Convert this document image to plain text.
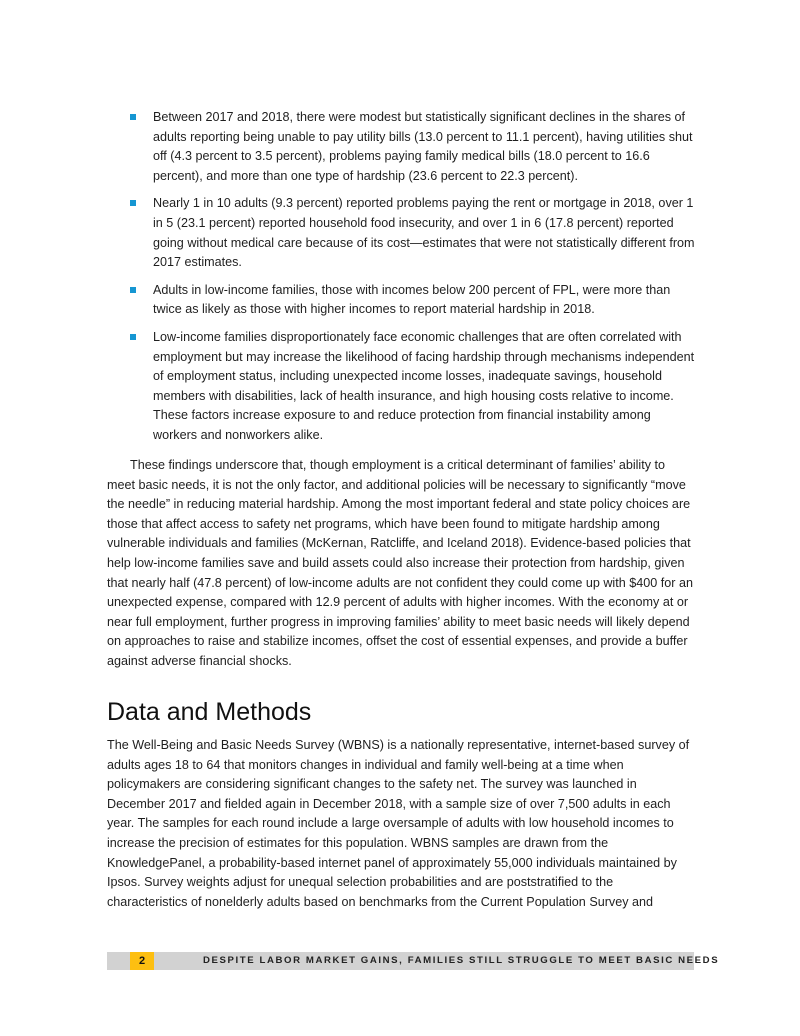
Between 2017 and 2018, there were modest but statistically significant declines in the shares of adults reporting being unable to pay utility bills (13.0 percent to 11.1 percent), having utilities shut off (4.3 percent to 3.5 percent), problems paying family medical bills (18.0 percent to 16.6 percent), and more than one type of hardship (23.6 percent to 22.3 percent).
Nearly 1 in 10 adults (9.3 percent) reported problems paying the rent or mortgage in 2018, over 1 in 5 (23.1 percent) reported household food insecurity, and over 1 in 6 (17.8 percent) reported going without medical care because of its cost—estimates that were not statistically different from 2017 estimates.
Adults in low-income families, those with incomes below 200 percent of FPL, were more than twice as likely as those with higher incomes to report material hardship in 2018.
Low-income families disproportionately face economic challenges that are often correlated with employment but may increase the likelihood of facing hardship through mechanisms independent of employment status, including unexpected income losses, inadequate savings, household members with disabilities, lack of health insurance, and high housing costs relative to income. These factors increase exposure to and reduce protection from financial instability among workers and nonworkers alike.

These findings underscore that, though employment is a critical determinant of families’ ability to meet basic needs, it is not the only factor, and additional policies will be necessary to significantly “move the needle” in reducing material hardship. Among the most important federal and state policy choices are those that affect access to safety net programs, which have been found to mitigate hardship among vulnerable individuals and families (McKernan, Ratcliffe, and Iceland 2018). Evidence-based policies that help low-income families save and build assets could also increase their protection from hardship, given that nearly half (47.8 percent) of low-income adults are not confident they could come up with $400 for an unexpected expense, compared with 12.9 percent of adults with higher incomes. With the economy at or near full employment, further progress in improving families’ ability to meet basic needs will likely depend on approaches to raise and stabilize incomes, offset the cost of essential expenses, and provide a buffer against adverse financial shocks.

Data and Methods

The Well-Being and Basic Needs Survey (WBNS) is a nationally representative, internet-based survey of adults ages 18 to 64 that monitors changes in individual and family well-being at a time when policymakers are considering significant changes to the safety net. The survey was launched in December 2017 and fielded again in December 2018, with a sample size of over 7,500 adults in each year. The samples for each round include a large oversample of adults with low household incomes to increase the precision of estimates for this population. WBNS samples are drawn from the KnowledgePanel, a probability-based internet panel of approximately 55,000 individuals maintained by Ipsos. Survey weights adjust for unequal selection probabilities and are poststratified to the characteristics of nonelderly adults based on benchmarks from the Current Population Survey and

2	DESPITE LABOR MARKET GAINS, FAMILIES STILL STRUGGLE TO MEET BASIC NEEDS
